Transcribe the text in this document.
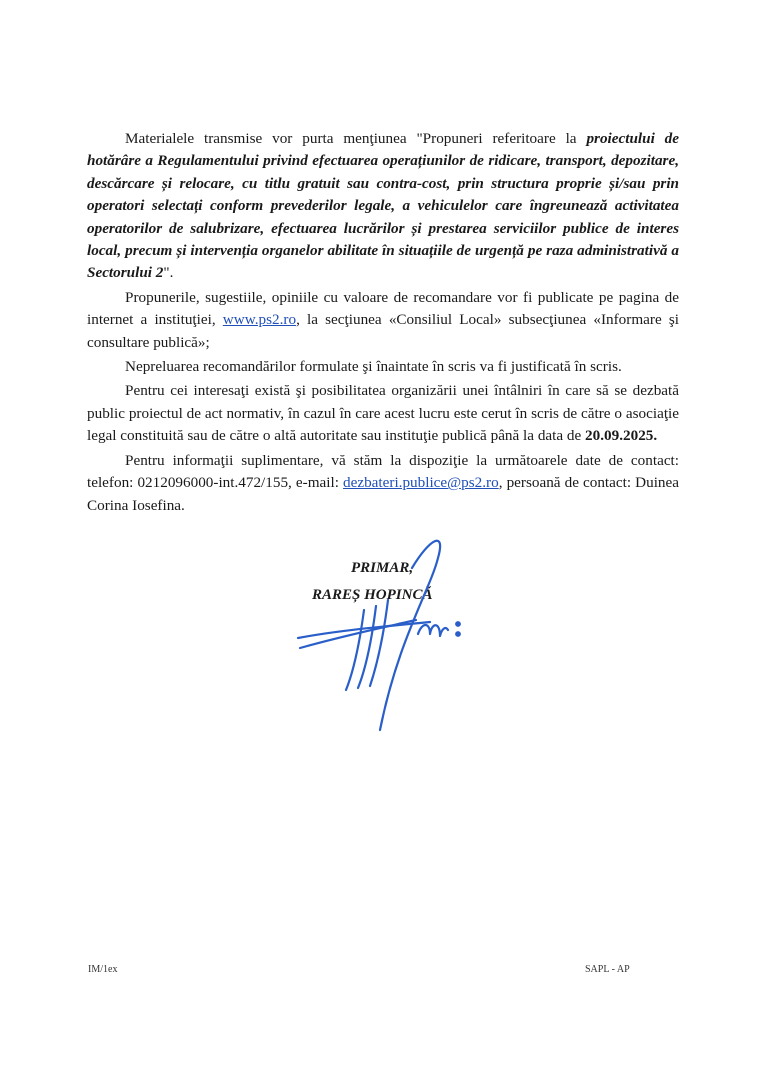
Materialele transmise vor purta menţiunea "Propuneri referitoare la proiectului de hotărâre a Regulamentului privind efectuarea operațiunilor de ridicare, transport, depozitare, descărcare și relocare, cu titlu gratuit sau contra-cost, prin structura proprie și/sau prin operatori selectați conform prevederilor legale, a vehiculelor care îngreunează activitatea operatorilor de salubrizare, efectuarea lucrărilor și prestarea serviciilor publice de interes local, precum și intervenția organelor abilitate în situațiile de urgență pe raza administrativă a Sectorului 2".

Propunerile, sugestiile, opiniile cu valoare de recomandare vor fi publicate pe pagina de internet a instituţiei, www.ps2.ro, la secţiunea «Consiliul Local» subsecţiunea «Informare şi consultare publică»;

Nepreluarea recomandărilor formulate şi înaintate în scris va fi justificată în scris.

Pentru cei interesaţi există şi posibilitatea organizării unei întâlniri în care să se dezbată public proiectul de act normativ, în cazul în care acest lucru este cerut în scris de către o asociaţie legal constituită sau de către o altă autoritate sau instituţie publică până la data de 20.09.2025.

Pentru informaţii suplimentare, vă stăm la dispoziţie la următoarele date de contact: telefon: 0212096000-int.472/155, e-mail: dezbateri.publice@ps2.ro, persoană de contact: Duinea Corina Iosefina.

PRIMAR,
RAREȘ HOPINCĂ
IM/1ex	SAPL - AP
